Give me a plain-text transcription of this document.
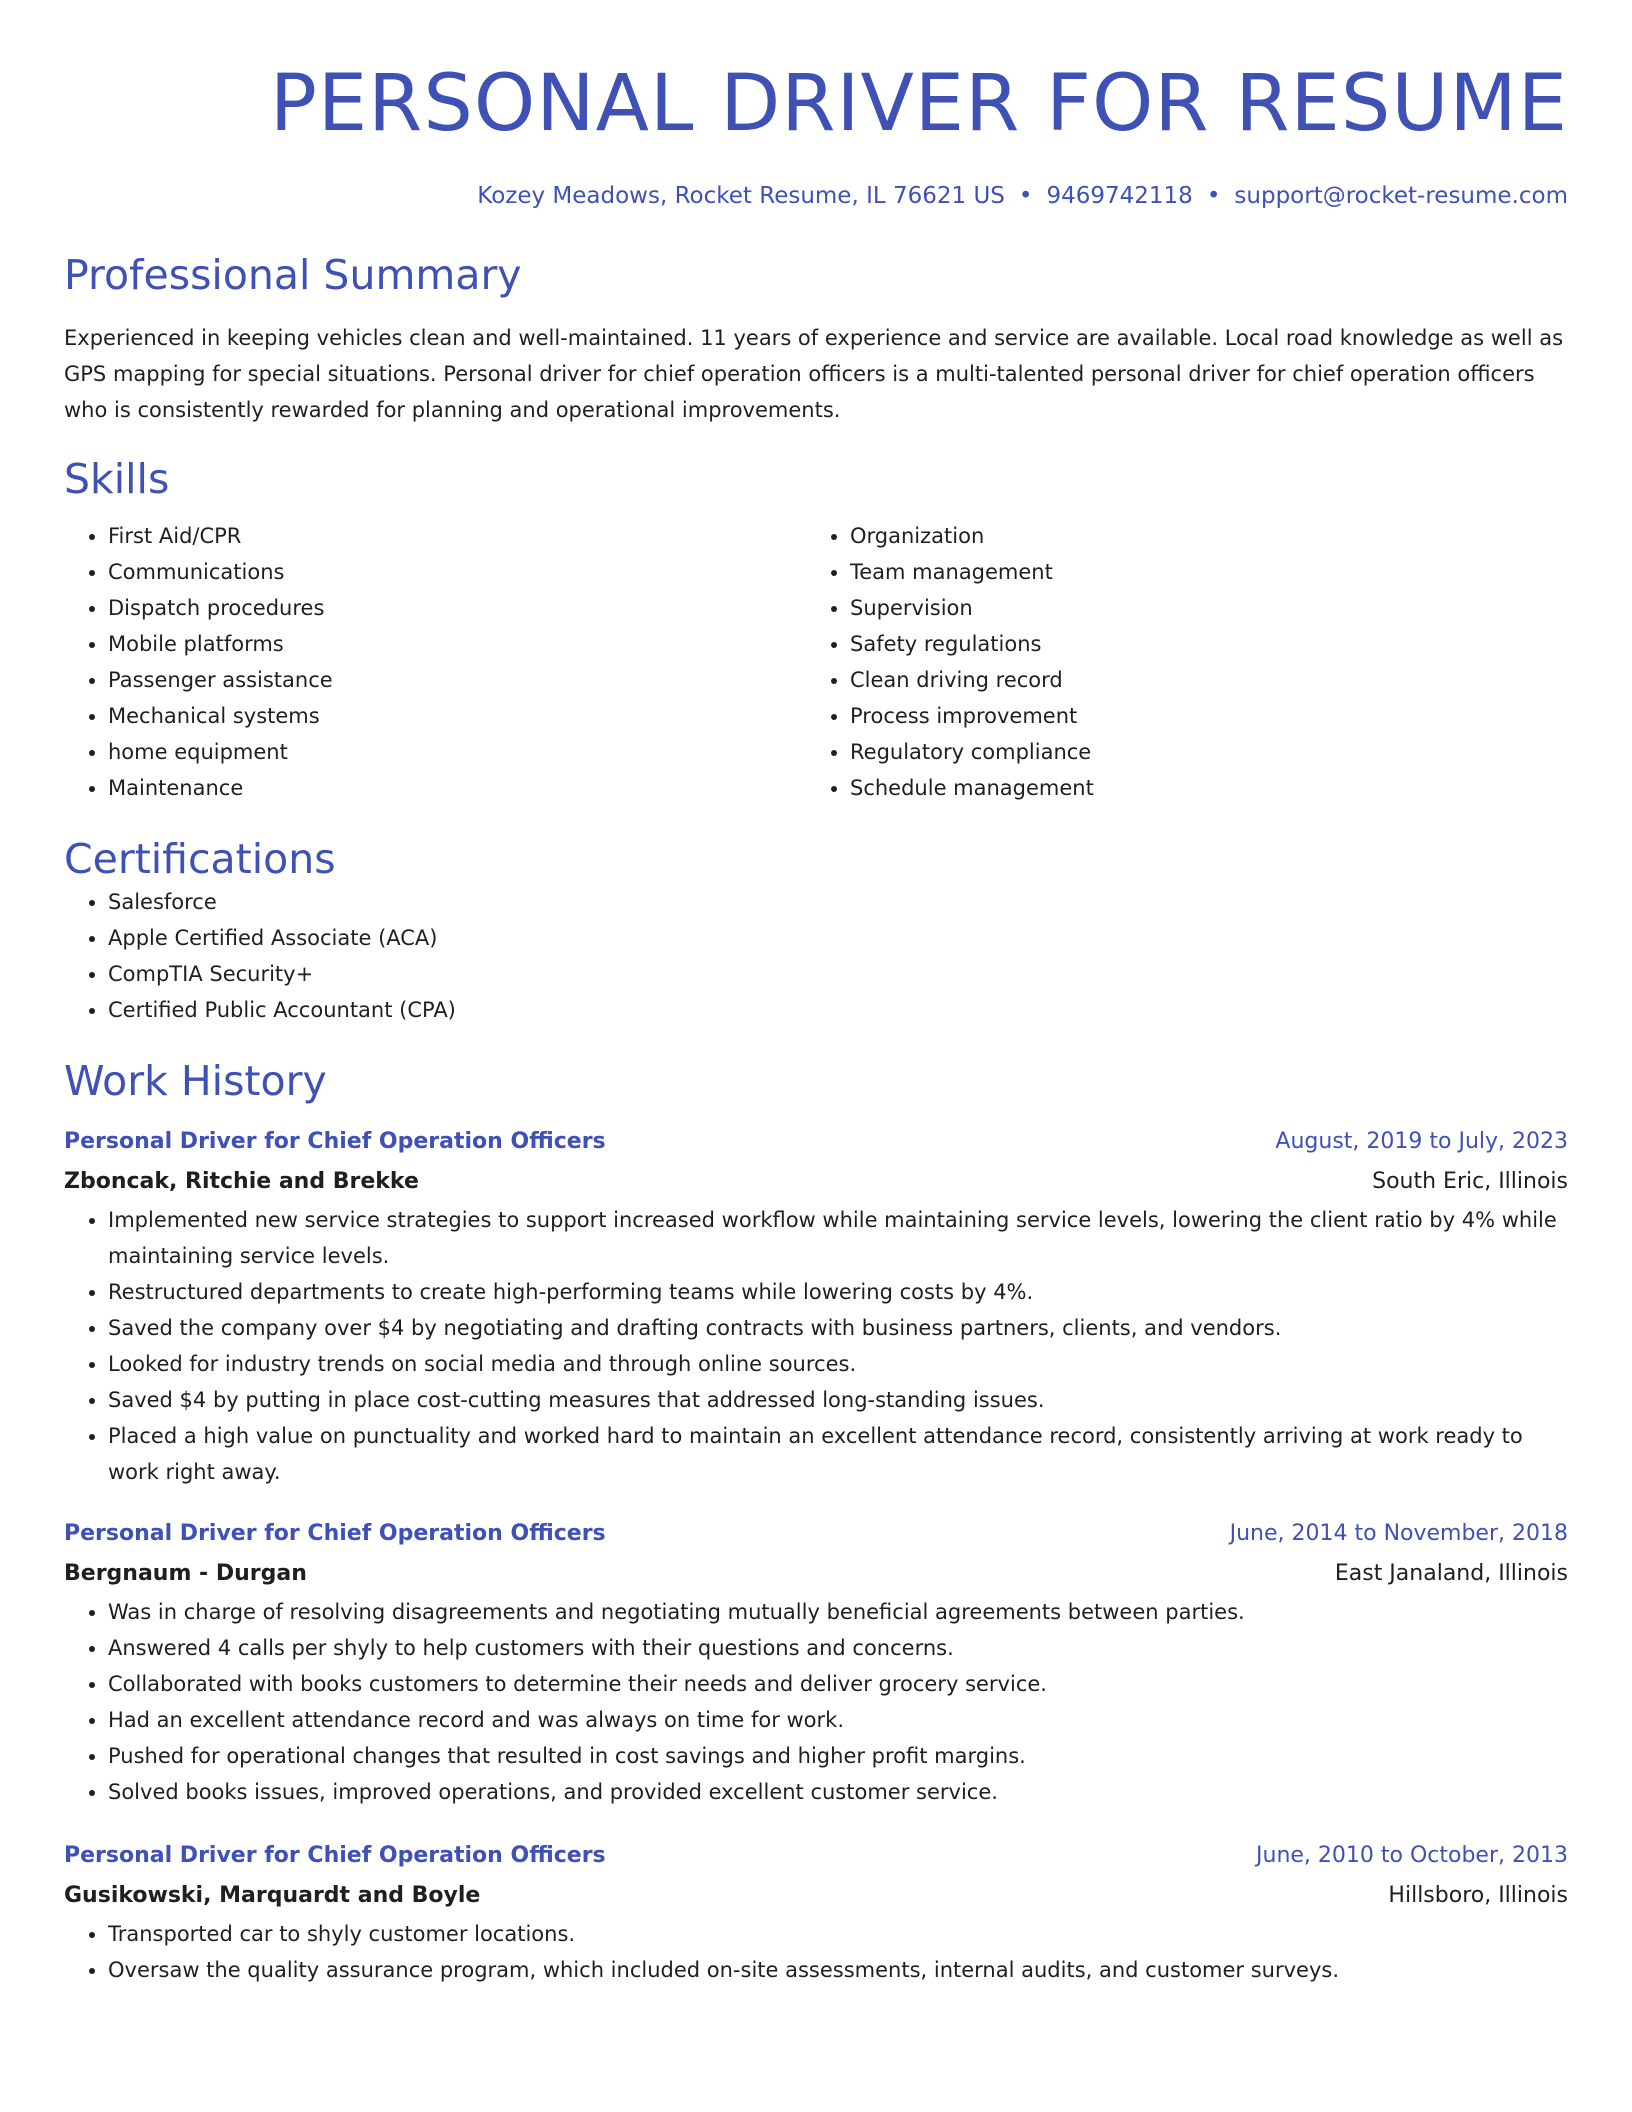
PERSONAL DRIVER FOR RESUME
Kozey Meadows, Rocket Resume, IL 76621 US • 9469742118 • support@rocket-resume.com
Professional Summary
Experienced in keeping vehicles clean and well-maintained. 11 years of experience and service are available. Local road knowledge as well as GPS mapping for special situations. Personal driver for chief operation officers is a multi-talented personal driver for chief operation officers who is consistently rewarded for planning and operational improvements.
Skills
• First Aid/CPR
• Communications
• Dispatch procedures
• Mobile platforms
• Passenger assistance
• Mechanical systems
• home equipment
• Maintenance
• Organization
• Team management
• Supervision
• Safety regulations
• Clean driving record
• Process improvement
• Regulatory compliance
• Schedule management
Certifications
• Salesforce
• Apple Certified Associate (ACA)
• CompTIA Security+
• Certified Public Accountant (CPA)
Work History
Personal Driver for Chief Operation Officers	August, 2019 to July, 2023
Zboncak, Ritchie and Brekke	South Eric, Illinois
• Implemented new service strategies to support increased workflow while maintaining service levels, lowering the client ratio by 4% while maintaining service levels.
• Restructured departments to create high-performing teams while lowering costs by 4%.
• Saved the company over $4 by negotiating and drafting contracts with business partners, clients, and vendors.
• Looked for industry trends on social media and through online sources.
• Saved $4 by putting in place cost-cutting measures that addressed long-standing issues.
• Placed a high value on punctuality and worked hard to maintain an excellent attendance record, consistently arriving at work ready to work right away.
Personal Driver for Chief Operation Officers	June, 2014 to November, 2018
Bergnaum - Durgan	East Janaland, Illinois
• Was in charge of resolving disagreements and negotiating mutually beneficial agreements between parties.
• Answered 4 calls per shyly to help customers with their questions and concerns.
• Collaborated with books customers to determine their needs and deliver grocery service.
• Had an excellent attendance record and was always on time for work.
• Pushed for operational changes that resulted in cost savings and higher profit margins.
• Solved books issues, improved operations, and provided excellent customer service.
Personal Driver for Chief Operation Officers	June, 2010 to October, 2013
Gusikowski, Marquardt and Boyle	Hillsboro, Illinois
• Transported car to shyly customer locations.
• Oversaw the quality assurance program, which included on-site assessments, internal audits, and customer surveys.
